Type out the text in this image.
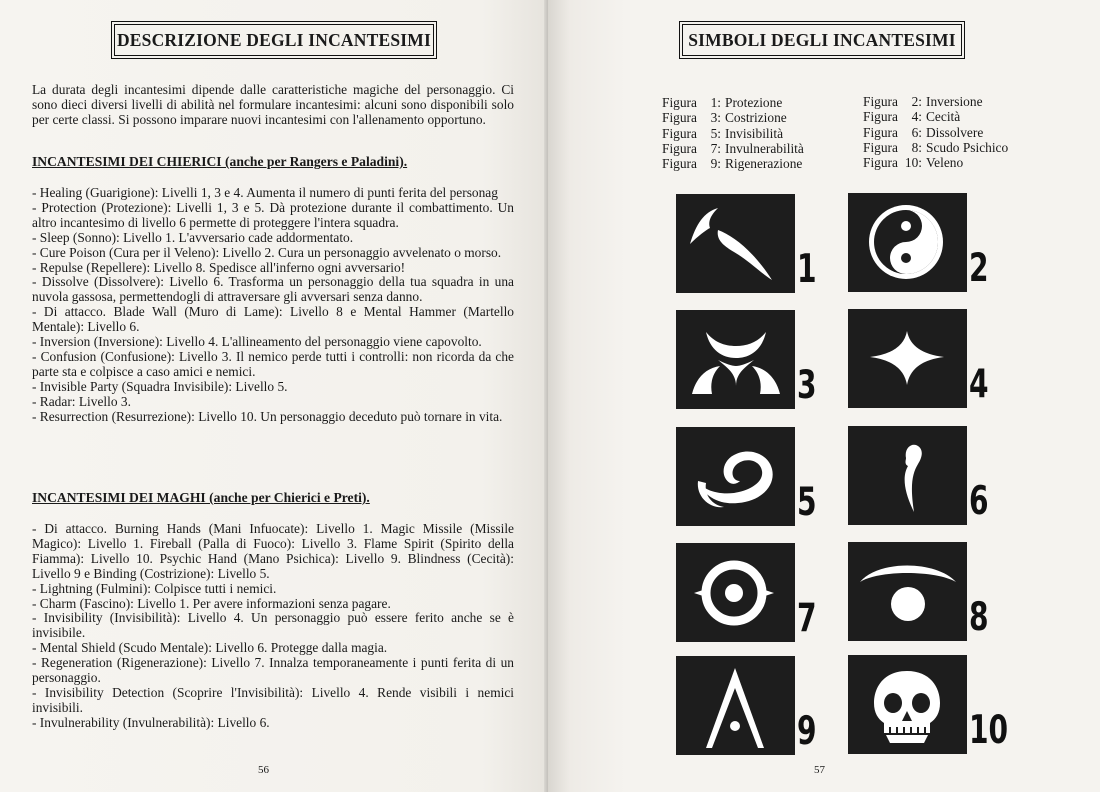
DESCRIZIONE DEGLI INCANTESIMI

La durata degli incantesimi dipende dalle caratteristiche magiche del personaggio. Ci sono dieci diversi livelli di abilità nel formulare incantesimi: alcuni sono disponibili solo per certe classi. Si possono imparare nuovi incantesimi con l'allenamento opportuno.

INCANTESIMI DEI CHIERICI (anche per Rangers e Paladini).
- Healing (Guarigione): Livelli 1, 3 e 4. Aumenta il numero di punti ferita del personag
- Protection (Protezione): Livelli 1, 3 e 5. Dà protezione durante il combattimento. Un altro incantesimo di livello 6 permette di proteggere l'intera squadra.
- Sleep (Sonno): Livello 1. L'avversario cade addormentato.
- Cure Poison (Cura per il Veleno): Livello 2. Cura un personaggio avvelenato o morso.
- Repulse (Repellere): Livello 8. Spedisce all'inferno ogni avversario!
- Dissolve (Dissolvere): Livello 6. Trasforma un personaggio della tua squadra in una nuvola gassosa, permettendogli di attraversare gli avversari senza danno.
- Di attacco. Blade Wall (Muro di Lame): Livello 8 e Mental Hammer (Martello Mentale): Livello 6.
- Inversion (Inversione): Livello 4. L'allineamento del personaggio viene capovolto.
- Confusion (Confusione): Livello 3. Il nemico perde tutti i controlli: non ricorda da che parte sta e colpisce a caso amici e nemici.
- Invisible Party (Squadra Invisibile): Livello 5.
- Radar: Livello 3.
- Resurrection (Resurrezione): Livello 10. Un personaggio deceduto può tornare in vita.
INCANTESIMI DEI MAGHI (anche per Chierici e Preti).
- Di attacco. Burning Hands (Mani Infuocate): Livello 1. Magic Missile (Missile Magico): Livello 1. Fireball (Palla di Fuoco): Livello 3. Flame Spirit (Spirito della Fiamma): Livello 10. Psychic Hand (Mano Psichica): Livello 9. Blindness (Cecità): Livello 9 e Binding (Costrizione): Livello 5.
- Lightning (Fulmini): Colpisce tutti i nemici.
- Charm (Fascino): Livello 1. Per avere informazioni senza pagare.
- Invisibility (Invisibilità): Livello 4. Un personaggio può essere ferito anche se è invisibile.
- Mental Shield (Scudo Mentale): Livello 6. Protegge dalla magia.
- Regeneration (Rigenerazione): Livello 7. Innalza temporaneamente i punti ferita di un personaggio.
- Invisibility Detection (Scoprire l'Invisibilità): Livello 4. Rende visibili i nemici invisibili.
- Invulnerability (Invulnerabilità): Livello 6.
56
SIMBOLI DEGLI INCANTESIMI
Figura	1: Protezione
Figura	3: Costrizione
Figura	5: Invisibilità
Figura	7: Invulnerabilità
Figura	9: Rigenerazione
Figura	2: Inversione
Figura	4: Cecità
Figura	6: Dissolvere
Figura	8: Scudo Psichico
Figura 10: Veleno
1	2
3	4
5	6
7	8
9	10
57
